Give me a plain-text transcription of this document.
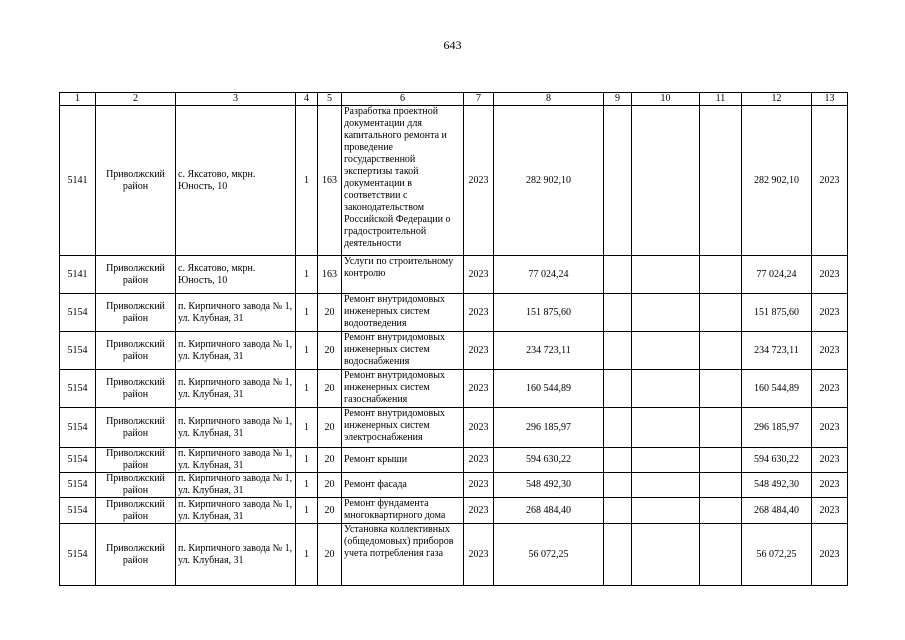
643
1	2	3	4	5	6	7	8	9	10	11	12	13
5141	Приволжский район	с. Яксатово, мкрн. Юность, 10	1	163	Разработка проектной документации для капитального ремонта и проведение государственной экспертизы такой документации в соответствии с законодательством Российской Федерации о градостроительной деятельности	2023	282 902,10				282 902,10	2023
5141	Приволжский район	с. Яксатово, мкрн. Юность, 10	1	163	Услуги по строительному контролю	2023	77 024,24				77 024,24	2023
5154	Приволжский район	п. Кирпичного завода № 1, ул. Клубная, 31	1	20	Ремонт внутридомовых инженерных систем водоотведения	2023	151 875,60				151 875,60	2023
5154	Приволжский район	п. Кирпичного завода № 1, ул. Клубная, 31	1	20	Ремонт внутридомовых инженерных систем водоснабжения	2023	234 723,11				234 723,11	2023
5154	Приволжский район	п. Кирпичного завода № 1, ул. Клубная, 31	1	20	Ремонт внутридомовых инженерных систем газоснабжения	2023	160 544,89				160 544,89	2023
5154	Приволжский район	п. Кирпичного завода № 1, ул. Клубная, 31	1	20	Ремонт внутридомовых инженерных систем электроснабжения	2023	296 185,97				296 185,97	2023
5154	Приволжский район	п. Кирпичного завода № 1, ул. Клубная, 31	1	20	Ремонт крыши	2023	594 630,22				594 630,22	2023
5154	Приволжский район	п. Кирпичного завода № 1, ул. Клубная, 31	1	20	Ремонт фасада	2023	548 492,30				548 492,30	2023
5154	Приволжский район	п. Кирпичного завода № 1, ул. Клубная, 31	1	20	Ремонт фундамента многоквартирного дома	2023	268 484,40				268 484,40	2023
5154	Приволжский район	п. Кирпичного завода № 1, ул. Клубная, 31	1	20	Установка коллективных (общедомовых) приборов учета потребления газа	2023	56 072,25				56 072,25	2023
